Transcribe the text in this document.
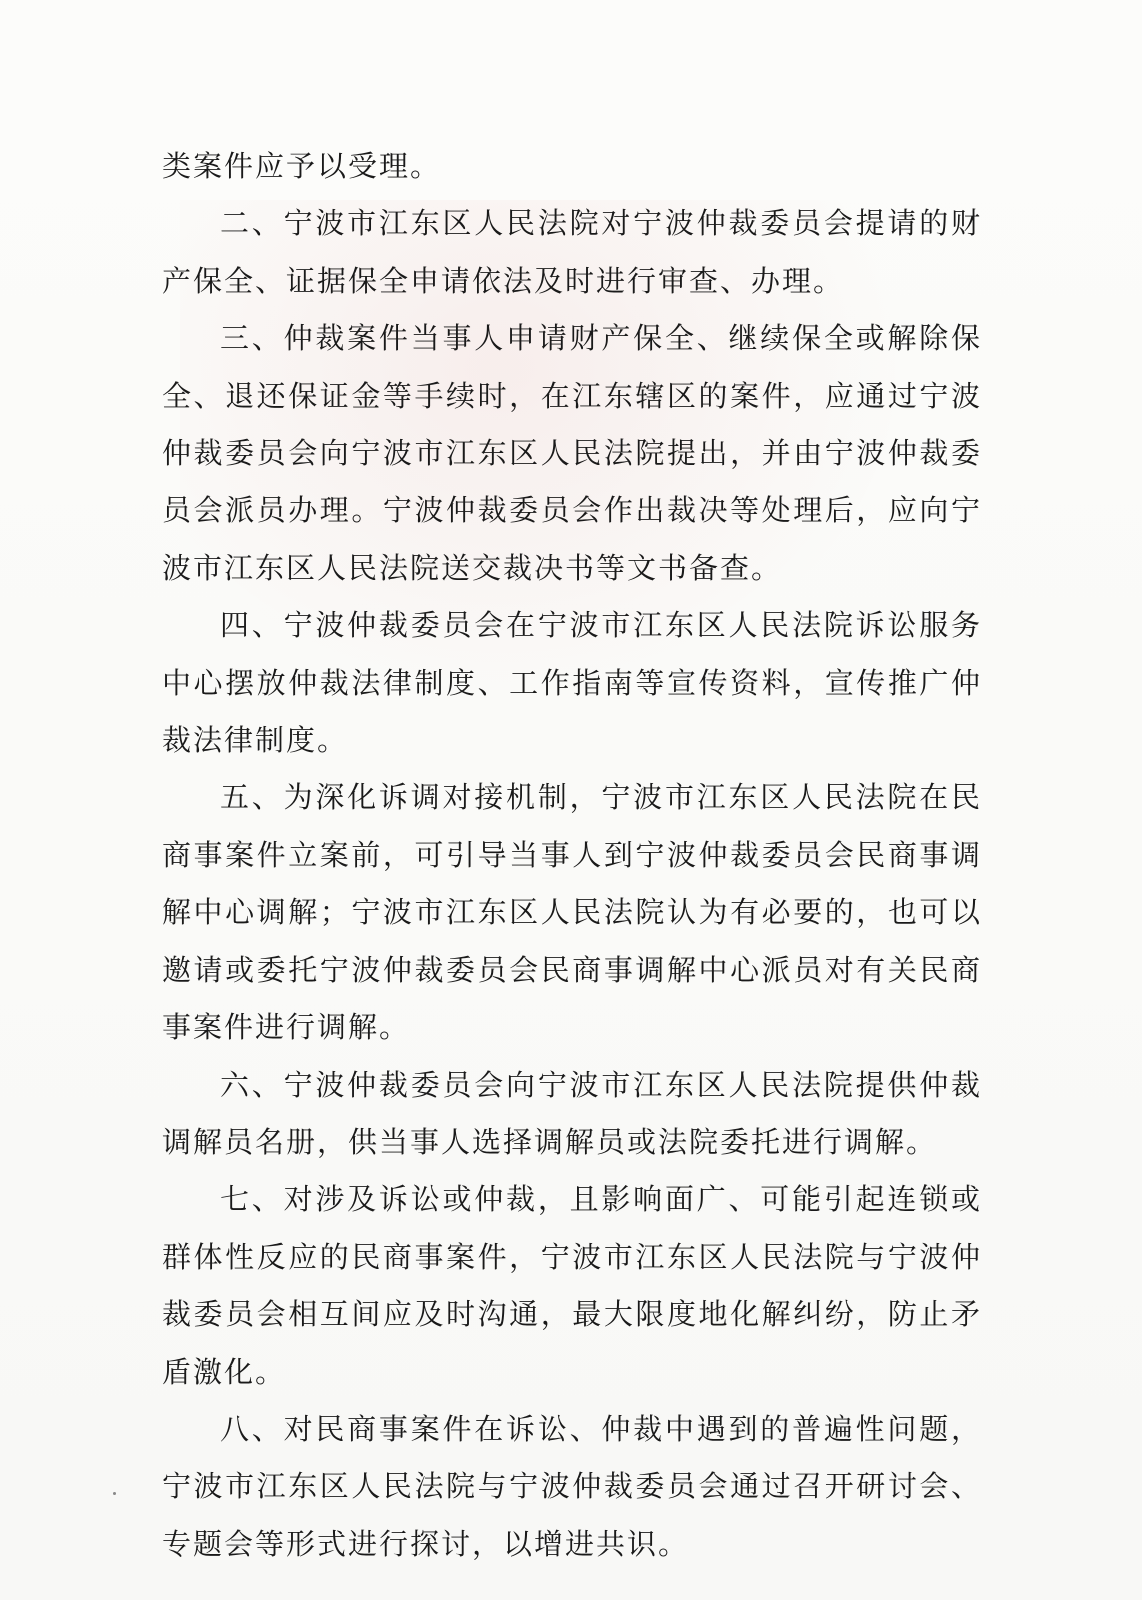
类案件应予以受理。

二、宁波市江东区人民法院对宁波仲裁委员会提请的财产保全、证据保全申请依法及时进行审查、办理。

三、仲裁案件当事人申请财产保全、继续保全或解除保全、退还保证金等手续时，在江东辖区的案件，应通过宁波仲裁委员会向宁波市江东区人民法院提出，并由宁波仲裁委员会派员办理。宁波仲裁委员会作出裁决等处理后，应向宁波市江东区人民法院送交裁决书等文书备查。

四、宁波仲裁委员会在宁波市江东区人民法院诉讼服务中心摆放仲裁法律制度、工作指南等宣传资料，宣传推广仲裁法律制度。

五、为深化诉调对接机制，宁波市江东区人民法院在民商事案件立案前，可引导当事人到宁波仲裁委员会民商事调解中心调解；宁波市江东区人民法院认为有必要的，也可以邀请或委托宁波仲裁委员会民商事调解中心派员对有关民商事案件进行调解。

六、宁波仲裁委员会向宁波市江东区人民法院提供仲裁调解员名册，供当事人选择调解员或法院委托进行调解。

七、对涉及诉讼或仲裁，且影响面广、可能引起连锁或群体性反应的民商事案件，宁波市江东区人民法院与宁波仲裁委员会相互间应及时沟通，最大限度地化解纠纷，防止矛盾激化。

八、对民商事案件在诉讼、仲裁中遇到的普遍性问题，宁波市江东区人民法院与宁波仲裁委员会通过召开研讨会、专题会等形式进行探讨，以增进共识。
